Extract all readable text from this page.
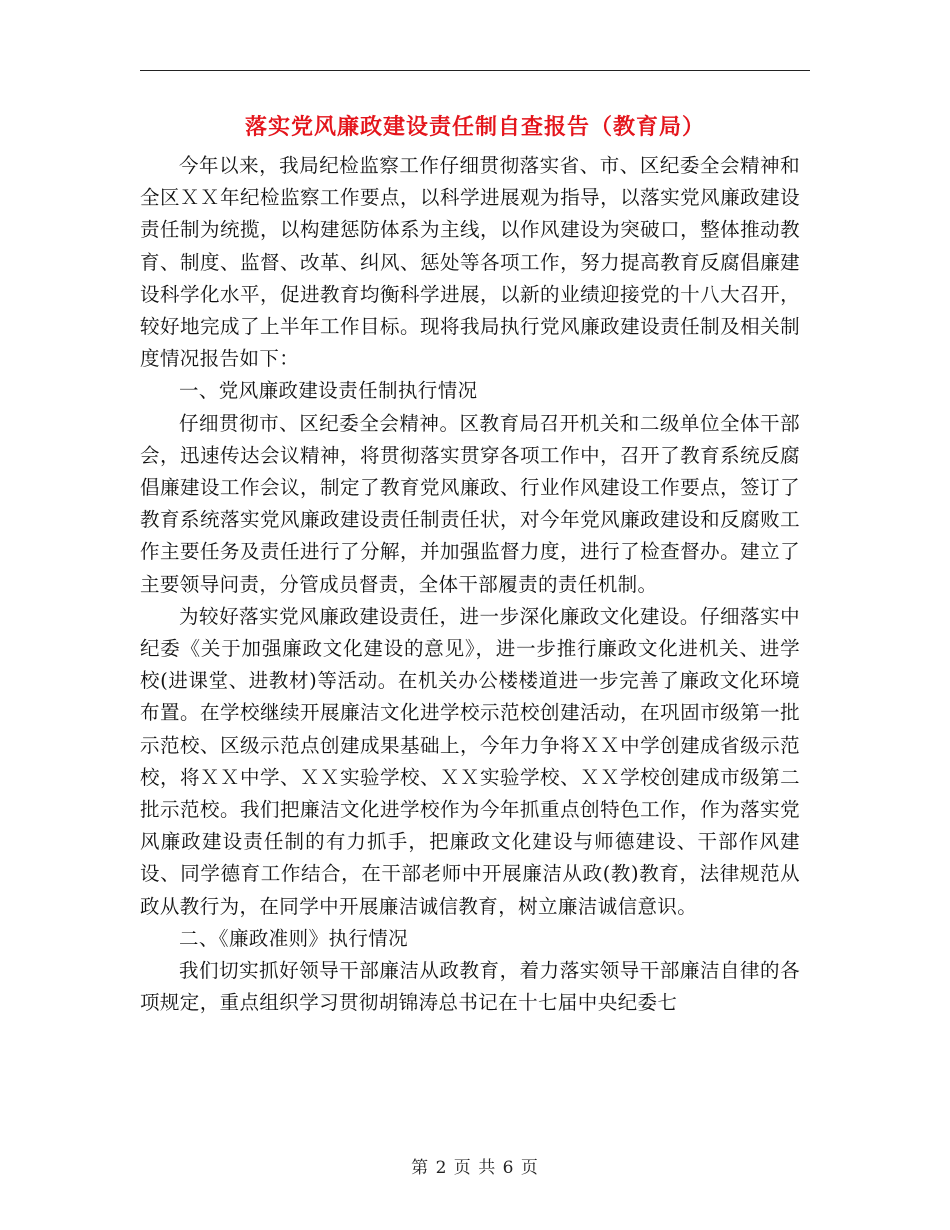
落实党风廉政建设责任制自查报告（教育局）

今年以来，我局纪检监察工作仔细贯彻落实省、市、区纪委全会精神和全区ＸＸ年纪检监察工作要点，以科学进展观为指导，以落实党风廉政建设责任制为统揽，以构建惩防体系为主线，以作风建设为突破口，整体推动教育、制度、监督、改革、纠风、惩处等各项工作，努力提高教育反腐倡廉建设科学化水平，促进教育均衡科学进展，以新的业绩迎接党的十八大召开，较好地完成了上半年工作目标。现将我局执行党风廉政建设责任制及相关制度情况报告如下：

一、党风廉政建设责任制执行情况

仔细贯彻市、区纪委全会精神。区教育局召开机关和二级单位全体干部会，迅速传达会议精神，将贯彻落实贯穿各项工作中，召开了教育系统反腐倡廉建设工作会议，制定了教育党风廉政、行业作风建设工作要点，签订了教育系统落实党风廉政建设责任制责任状，对今年党风廉政建设和反腐败工作主要任务及责任进行了分解，并加强监督力度，进行了检查督办。建立了主要领导问责，分管成员督责，全体干部履责的责任机制。

为较好落实党风廉政建设责任，进一步深化廉政文化建设。仔细落实中纪委《关于加强廉政文化建设的意见》，进一步推行廉政文化进机关、进学校(进课堂、进教材)等活动。在机关办公楼楼道进一步完善了廉政文化环境布置。在学校继续开展廉洁文化进学校示范校创建活动，在巩固市级第一批示范校、区级示范点创建成果基础上，今年力争将ＸＸ中学创建成省级示范校，将ＸＸ中学、ＸＸ实验学校、ＸＸ实验学校、ＸＸ学校创建成市级第二批示范校。我们把廉洁文化进学校作为今年抓重点创特色工作，作为落实党风廉政建设责任制的有力抓手，把廉政文化建设与师德建设、干部作风建设、同学德育工作结合，在干部老师中开展廉洁从政(教)教育，法律规范从政从教行为，在同学中开展廉洁诚信教育，树立廉洁诚信意识。

二、《廉政准则》执行情况

我们切实抓好领导干部廉洁从政教育，着力落实领导干部廉洁自律的各项规定，重点组织学习贯彻胡锦涛总书记在十七届中央纪委七

第 2 页 共 6 页
